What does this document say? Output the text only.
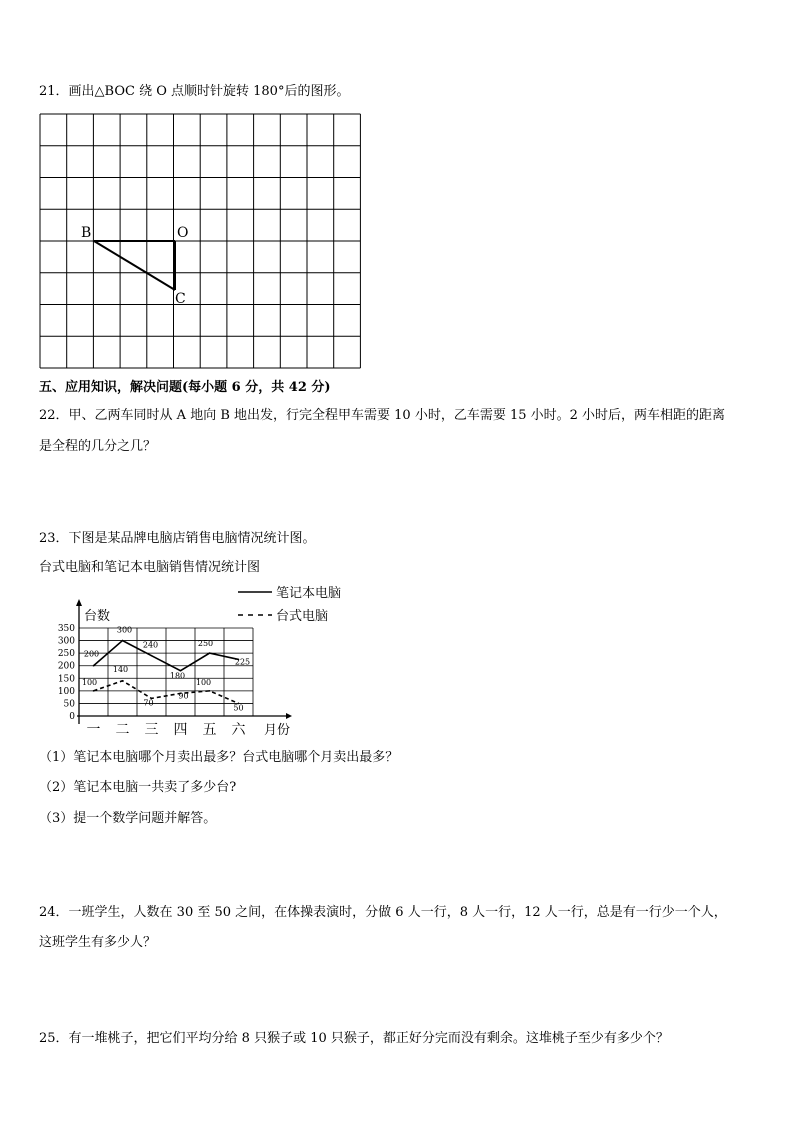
21．画出△BOC 绕 O 点顺时针旋转 180°后的图形。
B	O
C
五、应用知识，解决问题(每小题 6 分，共 42 分)
22．甲、乙两车同时从 A 地向 B 地出发，行完全程甲车需要 10 小时，乙车需要 15 小时。2 小时后，两车相距的距离
是全程的几分之几？
23．下图是某品牌电脑店销售电脑情况统计图。
台式电脑和笔记本电脑销售情况统计图
350
300
250
200
150
100
50
0
台数
一 二 三 四 五 六 月份
200
300
240
180
250
225
100
140
70
90
100
50
笔记本电脑
台式电脑
（1）笔记本电脑哪个月卖出最多？台式电脑哪个月卖出最多？
（2）笔记本电脑一共卖了多少台?
（3）提一个数学问题并解答。
24．一班学生，人数在 30 至 50 之间，在体操表演时，分做 6 人一行，8 人一行，12 人一行，总是有一行少一个人，
这班学生有多少人？
25．有一堆桃子，把它们平均分给 8 只猴子或 10 只猴子，都正好分完而没有剩余。这堆桃子至少有多少个？
